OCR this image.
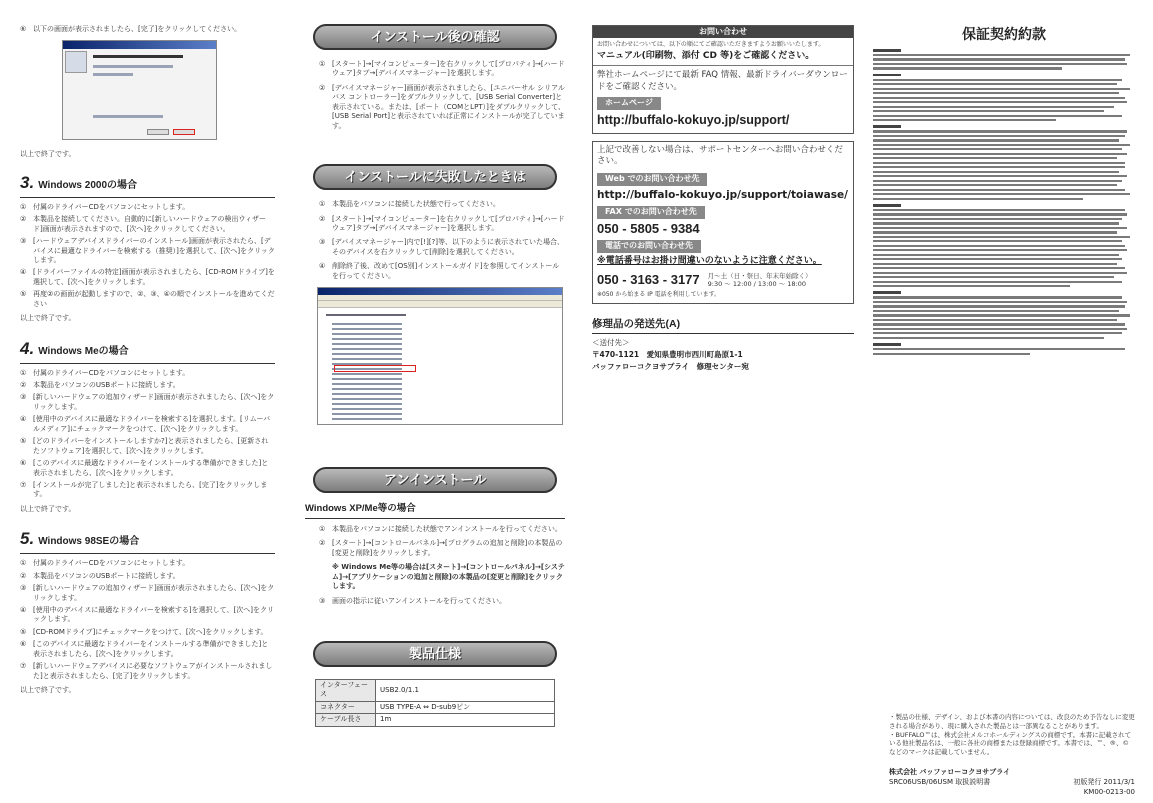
⑥ 以下の画面が表示されましたら、[完了]をクリックしてください。
以上で終了です。
3. Windows 2000の場合
① 付属のドライバーCDをパソコンにセットします。
② 本製品を接続してください。自動的に[新しいハードウェアの検出ウィザード]画面が表示されますので、[次へ]をクリックしてください。
③ [ハードウェアデバイスドライバーのインストール]画面が表示されたら、[デバイスに最適なドライバーを検索する（推奨）]を選択して、[次へ]をクリックします。
④ [ドライバーファイルの特定]画面が表示されましたら、[CD-ROMドライブ]を選択して、[次へ]をクリックします。
⑤ 再度②の画面が起動しますので、②、③、④の順でインストールを進めてください
以上で終了です。
4. Windows Meの場合
① 付属のドライバーCDをパソコンにセットします。
② 本製品をパソコンのUSBポートに接続します。
③ [新しいハードウェアの追加ウィザード]画面が表示されましたら、[次へ]をクリックします。
④ [使用中のデバイスに最適なドライバーを検索する]を選択します。[リムーバルメディア]にチェックマークをつけて、[次へ]をクリックします。
⑤ [どのドライバーをインストールしますか?]と表示されましたら、[更新されたソフトウェア]を選択して、[次へ]をクリックします。
⑥ [このデバイスに最適なドライバーをインストールする準備ができました]と表示されましたら、[次へ]をクリックします。
⑦ [インストールが完了しました]と表示されましたら、[完了]をクリックします。
以上で終了です。
5. Windows 98SEの場合
① 付属のドライバーCDをパソコンにセットします。
② 本製品をパソコンのUSBポートに接続します。
③ [新しいハードウェアの追加ウィザード]画面が表示されましたら、[次へ]をクリックします。
④ [使用中のデバイスに最適なドライバーを検索する]を選択して、[次へ]をクリックします。
⑤ [CD-ROMドライブ]にチェックマークをつけて、[次へ]をクリックします。
⑥ [このデバイスに最適なドライバーをインストールする準備ができました]と表示されましたら、[次へ]をクリックします。
⑦ [新しいハードウェアデバイスに必要なソフトウェアがインストールされました]と表示されましたら、[完了]をクリックします。
以上で終了です。
インストール後の確認
① [スタート]→[マイコンピューター]を右クリックして[プロパティ]→[ハードウェア]タブ→[デバイスマネージャー]を選択します。
② [デバイスマネージャー]画面が表示されましたら、[ユニバーサル シリアル バス コントローラー]をダブルクリックして、[USB Serial Converter]と表示されている。または、[ポート（COMとLPT）]をダブルクリックして、[USB Serial Port]と表示されていれば正常にインストールが完了しています。
インストールに失敗したときは
① 本製品をパソコンに接続した状態で行ってください。
② [スタート]→[マイコンピューター]を右クリックして[プロパティ]→[ハードウェア]タブ→[デバイスマネージャー]を選択します。
③ [デバイスマネージャー]内で[!][?]等、以下のように表示されていた場合、そのデバイスを右クリックして[削除]を選択してください。
④ 削除終了後、改めて[OS別]インストールガイド]を参照してインストールを行ってください。
アンインストール
Windows XP/Me等の場合
① 本製品をパソコンに接続した状態でアンインストールを行ってください。
② [スタート]→[コントロールパネル]→[プログラムの追加と削除]の本製品の[変更と削除]をクリックします。
※ Windows Me等の場合は[スタート]→[コントロールパネル]→[システム]→[アプリケーションの追加と削除]の本製品の[変更と削除]をクリックします。
③ 画面の指示に従いアンインストールを行ってください。
製品仕様
インターフェース	USB2.0/1.1
コネクター	USB TYPE-A ⇔ D-sub9ピン
ケーブル長さ	1m
お問い合わせ
お問い合わせについては、以下の順にてご確認いただきますようお願いいたします。
マニュアル(印刷物、添付 CD 等)をご確認ください。
弊社ホームページにて最新 FAQ 情報、最新ドライバーダウンロードをご確認ください。
ホームページ
http://buffalo-kokuyo.jp/support/
上記で改善しない場合は、サポートセンターへお問い合わせください。
Web でのお問い合わせ先
http://buffalo-kokuyo.jp/support/toiawase/
FAX でのお問い合わせ先
050 - 5805 - 9384
電話でのお問い合わせ先
※電話番号はお掛け間違いのないように注意ください。
050 - 3163 - 3177 月～土（日・祭日、年末年始除く）
9:30 ～ 12:00 / 13:00 ～ 18:00
※050 から始まる IP 電話を利用しています。
修理品の発送先(A)
＜送付先＞
〒470-1121　愛知県豊明市西川町島原1-1
バッファローコクヨサプライ　修理センター宛
保証契約約款
・製品の仕様、デザイン、および本書の内容については、改良のため予告なしに変更される場合があり、現に購入された製品とは一部異なることがあります。
・BUFFALO™は、株式会社メルコホールディングスの商標です。本書に記載されている他社製品名は、一般に各社の商標または登録商標です。本書では、™、®、©などのマークは記載していません。
株式会社 バッファローコクヨサプライ
SRC06USB/06USM 取扱説明書	初版発行 2011/3/1
KM00-0213-00
